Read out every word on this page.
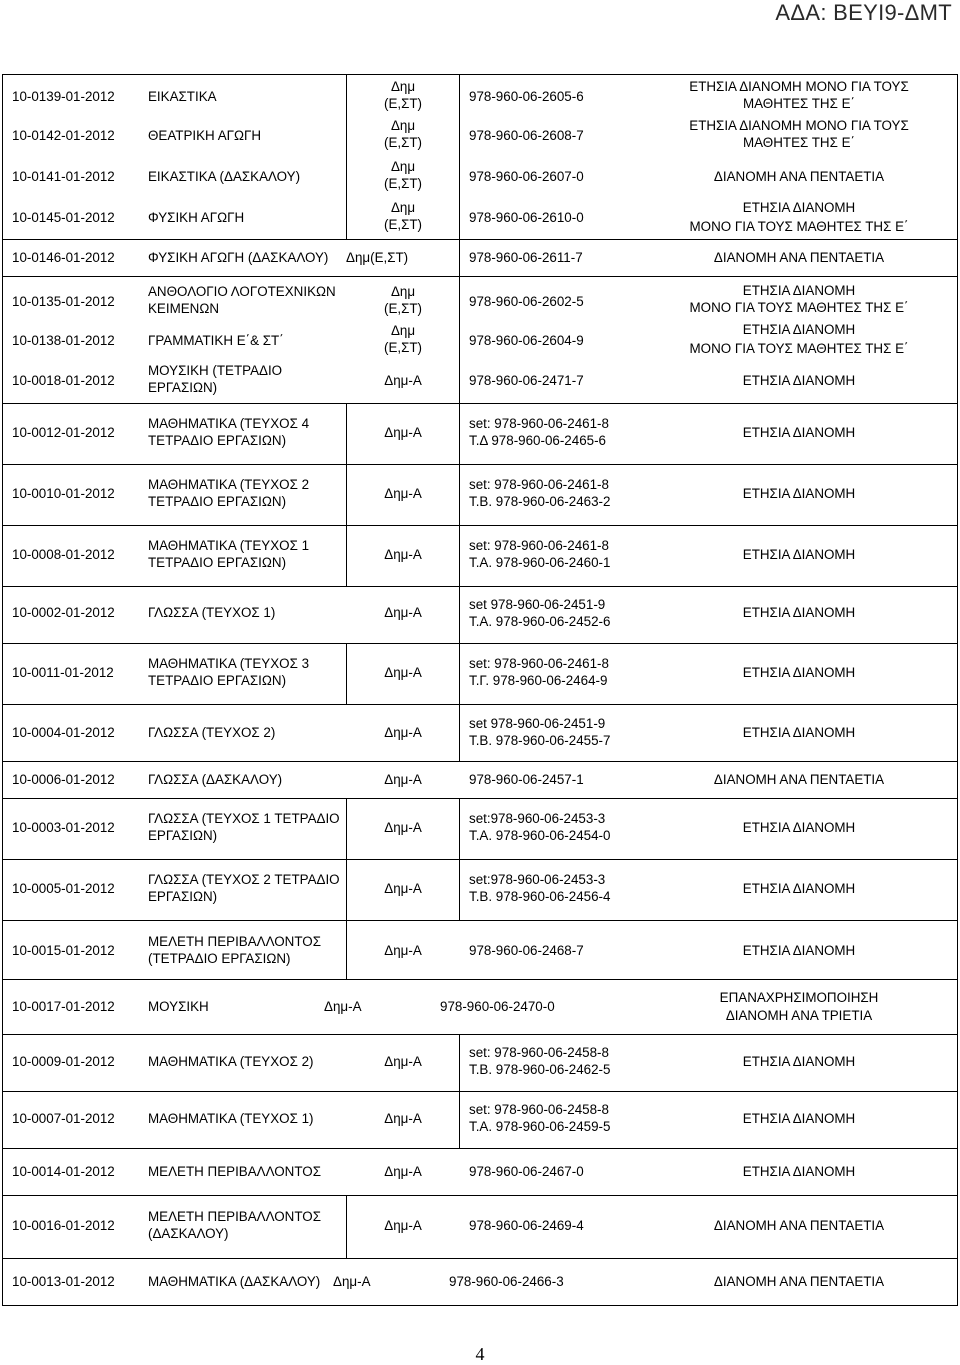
ΑΔΑ: ΒΕΥΙ9-ΔΜΤ
10-0139-01-2012 ΕΙΚΑΣΤΙΚΑ
Δημ
(Ε,ΣΤ)	978-960-06-2605-6
ΕΤΗΣΙΑ ΔΙΑΝΟΜΗ ΜΟΝΟ ΓΙΑ ΤΟΥΣ
ΜΑΘΗΤΕΣ ΤΗΣ Ε΄
10-0142-01-2012 ΘΕΑΤΡΙΚΗ ΑΓΩΓΗ
Δημ
(Ε,ΣΤ)	978-960-06-2608-7
ΕΤΗΣΙΑ ΔΙΑΝΟΜΗ ΜΟΝΟ ΓΙΑ ΤΟΥΣ
ΜΑΘΗΤΕΣ ΤΗΣ Ε΄
10-0141-01-2012 ΕΙΚΑΣΤΙΚΑ (ΔΑΣΚΑΛΟΥ)
Δημ
(Ε,ΣΤ)	978-960-06-2607-0	ΔΙΑΝΟΜΗ ΑΝΑ ΠΕΝΤΑΕΤΙΑ
10-0145-01-2012 ΦΥΣΙΚΗ ΑΓΩΓΗ
Δημ
(Ε,ΣΤ)	978-960-06-2610-0
ΕΤΗΣΙΑ ΔΙΑΝΟΜΗ
ΜΟΝΟ ΓΙΑ ΤΟΥΣ ΜΑΘΗΤΕΣ ΤΗΣ Ε΄
10-0146-01-2012 ΦΥΣΙΚΗ ΑΓΩΓΗ (ΔΑΣΚΑΛΟΥ) Δημ(Ε,ΣΤ)	978-960-06-2611-7	ΔΙΑΝΟΜΗ ΑΝΑ ΠΕΝΤΑΕΤΙΑ
10-0135-01-2012
ΑΝΘΟΛΟΓΙΟ ΛΟΓΟΤΕΧΝΙΚΩΝ
ΚΕΙΜΕΝΩΝ
Δημ
(Ε,ΣΤ)	978-960-06-2602-5
ΕΤΗΣΙΑ ΔΙΑΝΟΜΗ
ΜΟΝΟ ΓΙΑ ΤΟΥΣ ΜΑΘΗΤΕΣ ΤΗΣ Ε΄
10-0138-01-2012 ΓΡΑΜΜΑΤΙΚΗ Ε΄& ΣΤ΄
Δημ
(Ε,ΣΤ)	978-960-06-2604-9
ΕΤΗΣΙΑ ΔΙΑΝΟΜΗ
ΜΟΝΟ ΓΙΑ ΤΟΥΣ ΜΑΘΗΤΕΣ ΤΗΣ Ε΄
10-0018-01-2012
ΜΟΥΣΙΚΗ (ΤΕΤΡΑΔΙΟ
ΕΡΓΑΣΙΩΝ)	Δημ-Α	978-960-06-2471-7	ΕΤΗΣΙΑ ΔΙΑΝΟΜΗ
10-0012-01-2012
ΜΑΘΗΜΑΤΙΚΑ (ΤΕΥΧΟΣ 4
ΤΕΤΡΑΔΙΟ ΕΡΓΑΣΙΩΝ)
Δημ-Α
set: 978-960-06-2461-8
Τ.Δ 978-960-06-2465-6
ΕΤΗΣΙΑ ΔΙΑΝΟΜΗ
10-0010-01-2012
ΜΑΘΗΜΑΤΙΚΑ (ΤΕΥΧΟΣ 2
ΤΕΤΡΑΔΙΟ ΕΡΓΑΣΙΩΝ)
Δημ-Α
set: 978-960-06-2461-8
Τ.Β. 978-960-06-2463-2
ΕΤΗΣΙΑ ΔΙΑΝΟΜΗ
10-0008-01-2012
ΜΑΘΗΜΑΤΙΚΑ (ΤΕΥΧΟΣ 1
ΤΕΤΡΑΔΙΟ ΕΡΓΑΣΙΩΝ)
Δημ-Α
set: 978-960-06-2461-8
Τ.Α. 978-960-06-2460-1
ΕΤΗΣΙΑ ΔΙΑΝΟΜΗ
10-0002-01-2012 ΓΛΩΣΣΑ (ΤΕΥΧΟΣ 1)	Δημ-Α
set 978-960-06-2451-9
Τ.Α. 978-960-06-2452-6
ΕΤΗΣΙΑ ΔΙΑΝΟΜΗ
10-0011-01-2012
ΜΑΘΗΜΑΤΙΚΑ (ΤΕΥΧΟΣ 3
ΤΕΤΡΑΔΙΟ ΕΡΓΑΣΙΩΝ)
Δημ-Α
set: 978-960-06-2461-8
Τ.Γ. 978-960-06-2464-9
ΕΤΗΣΙΑ ΔΙΑΝΟΜΗ
10-0004-01-2012 ΓΛΩΣΣΑ (ΤΕΥΧΟΣ 2)	Δημ-Α
set 978-960-06-2451-9
Τ.Β. 978-960-06-2455-7
ΕΤΗΣΙΑ ΔΙΑΝΟΜΗ
10-0006-01-2012 ΓΛΩΣΣΑ (ΔΑΣΚΑΛΟΥ)	Δημ-Α	978-960-06-2457-1	ΔΙΑΝΟΜΗ ΑΝΑ ΠΕΝΤΑΕΤΙΑ
10-0003-01-2012
ΓΛΩΣΣΑ (ΤΕΥΧΟΣ 1 ΤΕΤΡΑΔΙΟ
ΕΡΓΑΣΙΩΝ)
Δημ-Α
set:978-960-06-2453-3
Τ.Α. 978-960-06-2454-0
ΕΤΗΣΙΑ ΔΙΑΝΟΜΗ
10-0005-01-2012
ΓΛΩΣΣΑ (ΤΕΥΧΟΣ 2 ΤΕΤΡΑΔΙΟ
ΕΡΓΑΣΙΩΝ)
Δημ-Α
set:978-960-06-2453-3
Τ.Β. 978-960-06-2456-4
ΕΤΗΣΙΑ ΔΙΑΝΟΜΗ
10-0015-01-2012
ΜΕΛΕΤΗ ΠΕΡΙΒΑΛΛΟΝΤΟΣ
(ΤΕΤΡΑΔΙΟ ΕΡΓΑΣΙΩΝ)
Δημ-Α	978-960-06-2468-7	ΕΤΗΣΙΑ ΔΙΑΝΟΜΗ
10-0017-01-2012 ΜΟΥΣΙΚΗ	Δημ-Α	978-960-06-2470-0
ΕΠΑΝΑΧΡΗΣΙΜΟΠΟΙΗΣΗ
ΔΙΑΝΟΜΗ ΑΝΑ ΤΡΙΕΤΙΑ
10-0009-01-2012 ΜΑΘΗΜΑΤΙΚΑ (ΤΕΥΧΟΣ 2)	Δημ-Α
set: 978-960-06-2458-8
Τ.Β. 978-960-06-2462-5
ΕΤΗΣΙΑ ΔΙΑΝΟΜΗ
10-0007-01-2012 ΜΑΘΗΜΑΤΙΚΑ (ΤΕΥΧΟΣ 1)	Δημ-Α
set: 978-960-06-2458-8
Τ.Α. 978-960-06-2459-5
ΕΤΗΣΙΑ ΔΙΑΝΟΜΗ
10-0014-01-2012 ΜΕΛΕΤΗ ΠΕΡΙΒΑΛΛΟΝΤΟΣ	Δημ-Α	978-960-06-2467-0	ΕΤΗΣΙΑ ΔΙΑΝΟΜΗ
10-0016-01-2012
ΜΕΛΕΤΗ ΠΕΡΙΒΑΛΛΟΝΤΟΣ
(ΔΑΣΚΑΛΟΥ)
Δημ-Α	978-960-06-2469-4	ΔΙΑΝΟΜΗ ΑΝΑ ΠΕΝΤΑΕΤΙΑ
10-0013-01-2012 ΜΑΘΗΜΑΤΙΚΑ (ΔΑΣΚΑΛΟΥ) Δημ-Α	978-960-06-2466-3	ΔΙΑΝΟΜΗ ΑΝΑ ΠΕΝΤΑΕΤΙΑ
4
